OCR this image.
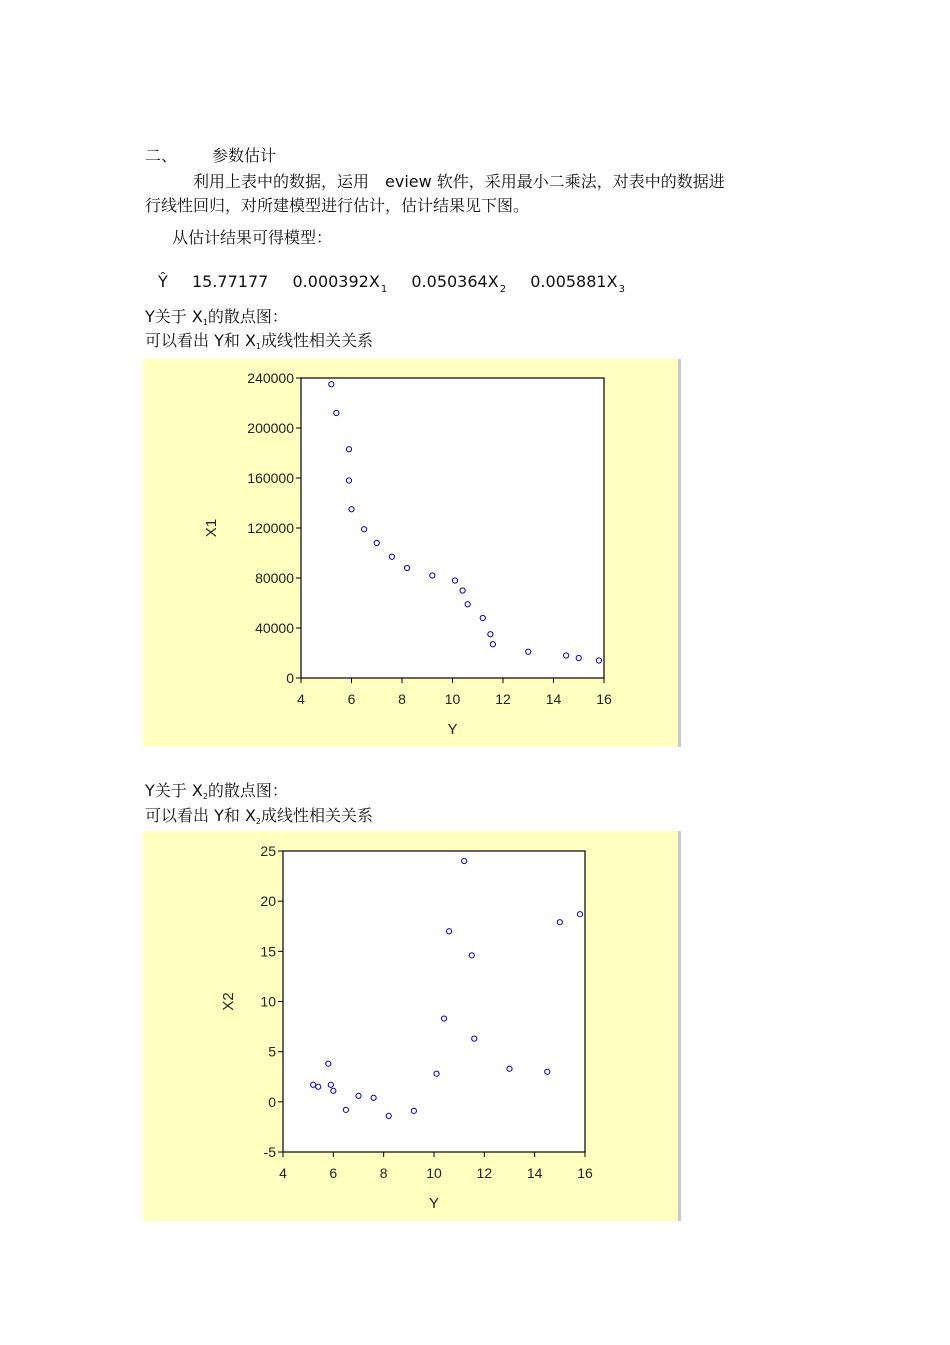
二、 参数估计
利用上表中的数据，运用　eview 软件，采用最小二乘法，对表中的数据进
行线性回归，对所建模型进行估计，估计结果见下图。
从估计结果可得模型：
Ŷ 15.77177 $0.000392X_1$ $0.050364X_2$ $0.005881X_3$
Y关于 X1的散点图：
可以看出 Y和 X1成线性相关关系
4	6	8	10 12 14 16
0
40000
80000
120000
160000
200000
240000
Y
X1
Y关于 X2的散点图：
可以看出 Y和 X2成线性相关关系
4	6	8	10 12 14 16
-5
0
5
10
15
20
25
Y
X2
